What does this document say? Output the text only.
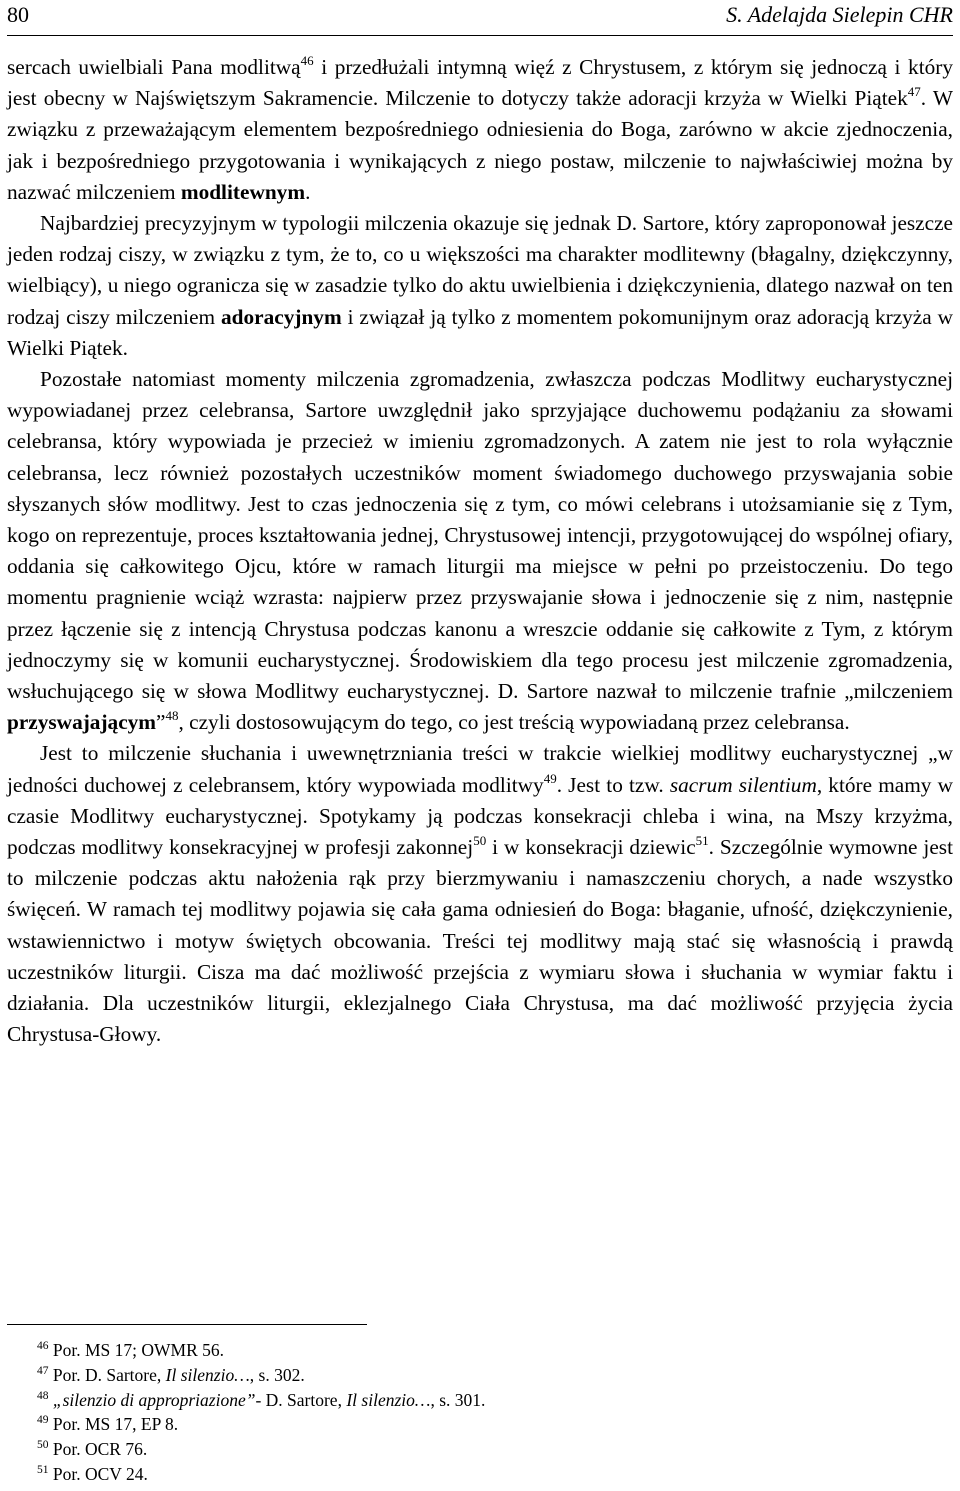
80	S. Adelajda Sielepin CHR

sercach uwielbiali Pana modlitwą$^{46}$ i przedłużali intymną więź z Chrystusem, z którym się jednoczą i który jest obecny w Najświętszym Sakramencie. Milczenie to dotyczy także adoracji krzyża w Wielki Piątek$^{47}$. W związku z przeważającym elementem bezpośredniego odniesienia do Boga, zarówno w akcie zjednoczenia, jak i bezpośredniego przygotowania i wynikających z niego postaw, milczenie to najwłaściwiej można by nazwać milczeniem modlitewnym.

Najbardziej precyzyjnym w typologii milczenia okazuje się jednak D. Sartore, który zaproponował jeszcze jeden rodzaj ciszy, w związku z tym, że to, co u większości ma charakter modlitewny (błagalny, dziękczynny, wielbiący), u niego ogranicza się w zasadzie tylko do aktu uwielbienia i dziękczynienia, dlatego nazwał on ten rodzaj ciszy milczeniem adoracyjnym i związał ją tylko z momentem pokomunijnym oraz adoracją krzyża w Wielki Piątek.

Pozostałe natomiast momenty milczenia zgromadzenia, zwłaszcza podczas Modlitwy eucharystycznej wypowiadanej przez celebransa, Sartore uwzględnił jako sprzyjające duchowemu podążaniu za słowami celebransa, który wypowiada je przecież w imieniu zgromadzonych. A zatem nie jest to rola wyłącznie celebransa, lecz również pozostałych uczestników moment świadomego duchowego przyswajania sobie słyszanych słów modlitwy. Jest to czas jednoczenia się z tym, co mówi celebrans i utożsamianie się z Tym, kogo on reprezentuje, proces kształtowania jednej, Chrystusowej intencji, przygotowującej do wspólnej ofiary, oddania się całkowitego Ojcu, które w ramach liturgii ma miejsce w pełni po przeistoczeniu. Do tego momentu pragnienie wciąż wzrasta: najpierw przez przyswajanie słowa i jednoczenie się z nim, następnie przez łączenie się z intencją Chrystusa podczas kanonu a wreszcie oddanie się całkowite z Tym, z którym jednoczymy się w komunii eucharystycznej. Środowiskiem dla tego procesu jest milczenie zgromadzenia, wsłuchującego się w słowa Modlitwy eucharystycznej. D. Sartore nazwał to milczenie trafnie „milczeniem przyswajającym”$^{48}$, czyli dostosowującym do tego, co jest treścią wypowiadaną przez celebransa.

Jest to milczenie słuchania i uwewnętrzniania treści w trakcie wielkiej modlitwy eucharystycznej „w jedności duchowej z celebransem, który wypowiada modlitwy$^{49}$. Jest to tzw. sacrum silentium, które mamy w czasie Modlitwy eucharystycznej. Spotykamy ją podczas konsekracji chleba i wina, na Mszy krzyżma, podczas modlitwy konsekracyjnej w profesji zakonnej$^{50}$ i w konsekracji dziewic$^{51}$. Szczególnie wymowne jest to milczenie podczas aktu nałożenia rąk przy bierzmywaniu i namaszczeniu chorych, a nade wszystko święceń. W ramach tej modlitwy pojawia się cała gama odniesień do Boga: błaganie, ufność, dziękczynienie, wstawiennictwo i motyw świętych obcowania. Treści tej modlitwy mają stać się własnością i prawdą uczestników liturgii. Cisza ma dać możliwość przejścia z wymiaru słowa i słuchania w wymiar faktu i działania. Dla uczestników liturgii, eklezjalnego Ciała Chrystusa, ma dać możliwość przyjęcia życia Chrystusa-Głowy.

$^{46}$ Por. MS 17; OWMR 56.
$^{47}$ Por. D. Sartore, Il silenzio…, s. 302.
$^{48}$ „silenzio di appropriazione”- D. Sartore, Il silenzio…, s. 301.
$^{49}$ Por. MS 17, EP 8.
$^{50}$ Por. OCR 76.
$^{51}$ Por. OCV 24.
